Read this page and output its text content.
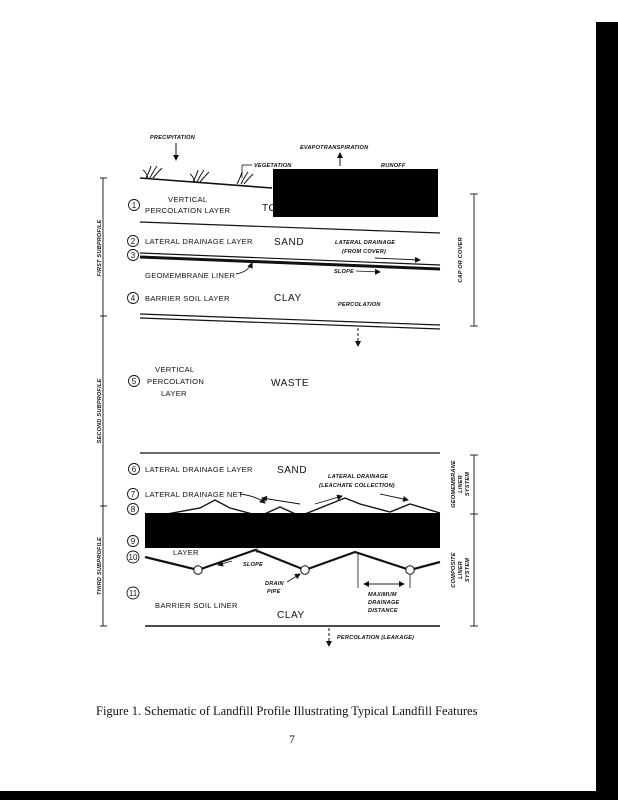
PRECIPITATION
EVAPOTRANSPIRATION
VEGETATION	RUNOFF
1
VERTICAL
PERCOLATION LAYER	TO
2 LATERAL DRAINAGE LAYER SAND	LATERAL DRAINAGE
(FROM COVER)
3
GEOMEMBRANE LINER	SLOPE
4 BARRIER SOIL LAYER	CLAY
PERCOLATION
5
VERTICAL
PERCOLATION
LAYER
WASTE
6 LATERAL DRAINAGE LAYER SAND
LATERAL DRAINAGE
(LEACHATE COLLECTION)
7 LATERAL DRAINAGE NET
8
9
10
LAYER
SLOPE
DRAIN
PIPE	MAXIMUM
DRAINAGE
DISTANCE
11
BARRIER SOIL LINER
CLAY
PERCOLATION (LEAKAGE)
FIRST SUBPROFILE
SECOND SUBPROFILE
THIRD SUBPROFILE
CAP OR COVER
GEOMEMBRANE LINER SYSTEM
COMPOSITE LINER SYSTEM
Figure 1. Schematic of Landfill Profile Illustrating Typical Landfill Features
7
